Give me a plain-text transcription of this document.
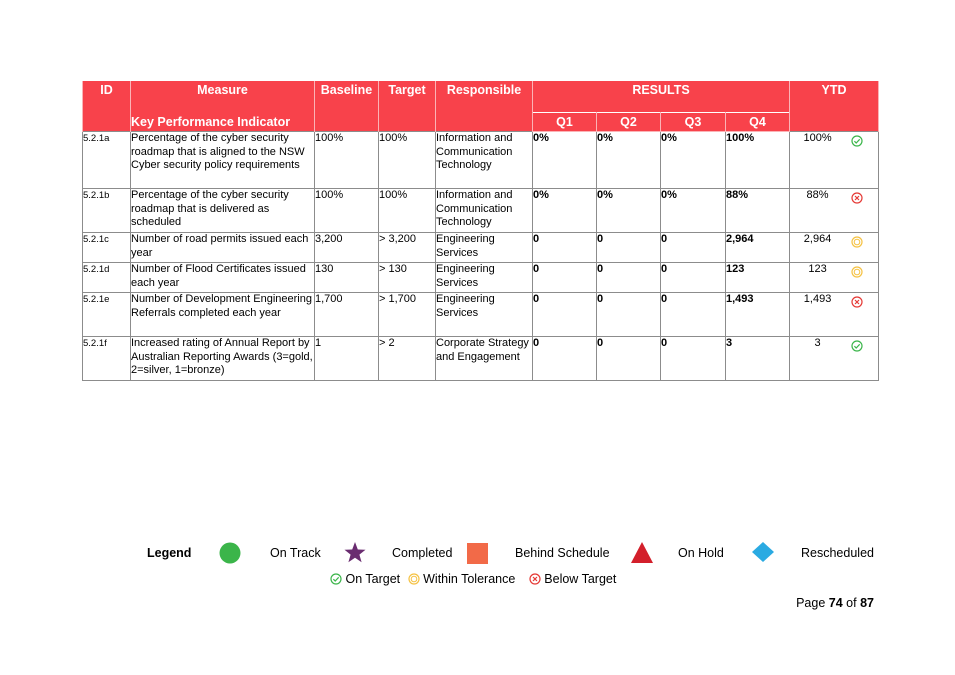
ID	Measure	Baseline	Target	Responsible	RESULTS				YTD
	Key Performance Indicator				Q1	Q2	Q3	Q4	
5.2.1a	Percentage of the cyber security roadmap that is aligned to the NSW Cyber security policy requirements	100%	100%	Information and Communication Technology	0%	0%	0%	100%	100%

5.2.1b	Percentage of the cyber security roadmap that is delivered as scheduled	100%	100%	Information and Communication Technology	0%	0%	0%	88%	88%

5.2.1c	Number of road permits issued each year	3,200	> 3,200	Engineering Services	0	0	0	2,964	2,964

5.2.1d	Number of Flood Certificates issued each year	130	> 130	Engineering Services	0	0	0	123	123

5.2.1e	Number of Development Engineering Referrals completed each year	1,700	> 1,700	Engineering Services	0	0	0	1,493	1,493

5.2.1f	Increased rating of Annual Report by Australian Reporting Awards (3=gold, 2=silver, 1=bronze)	1	> 2	Corporate Strategy and Engagement	0	0	0	3	3
Legend	On Track	Completed	Behind Schedule	On Hold	Rescheduled
On Target Within Tolerance Below Target
Page 74 of 87
